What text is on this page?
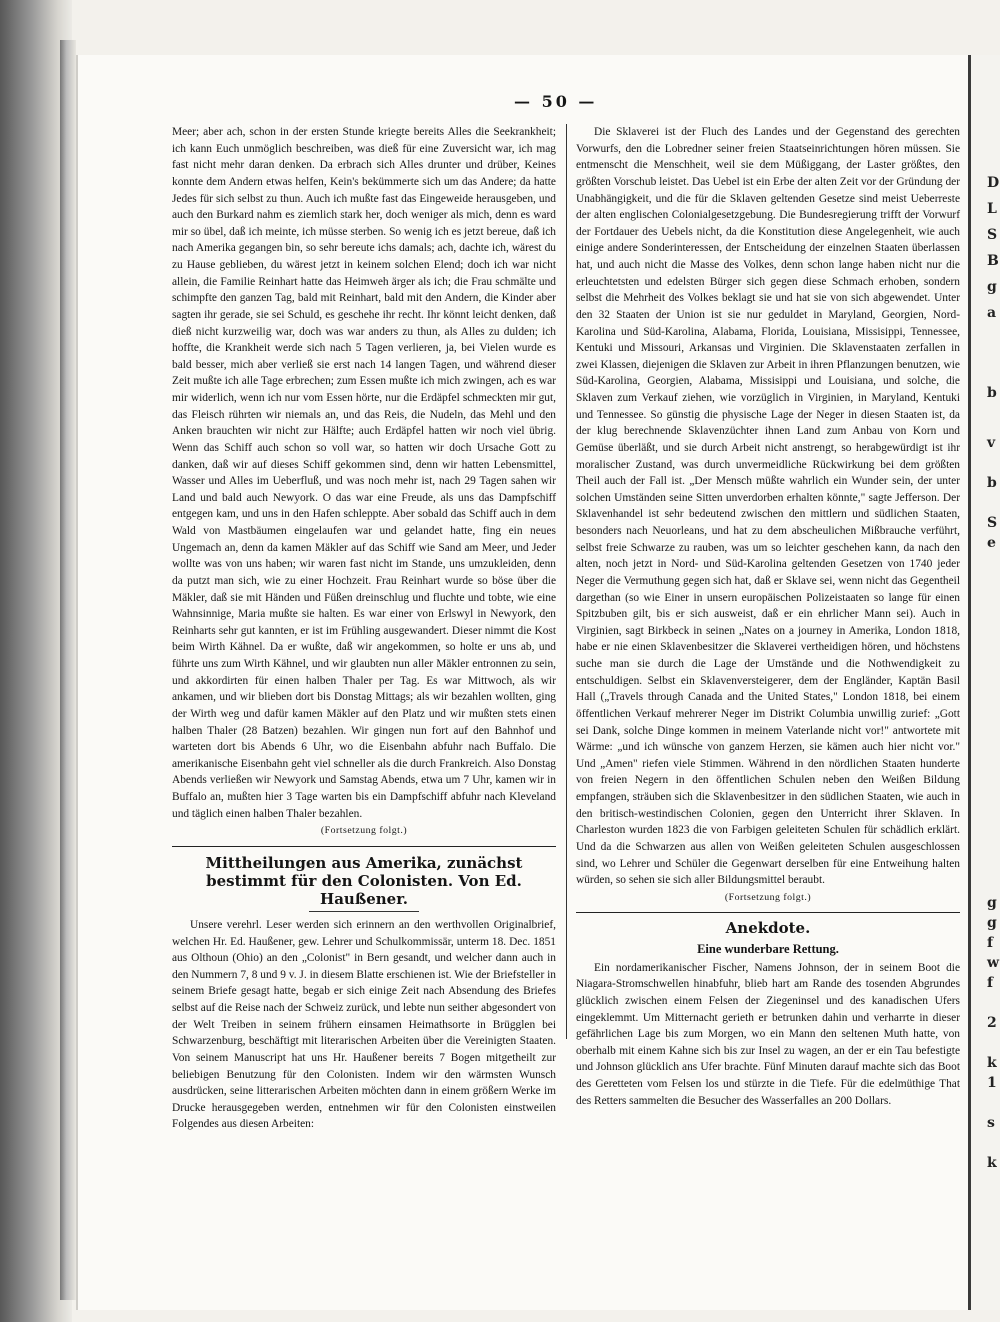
D
L
S
B
g
a
b
v
b
S
e
g
g
f
w
f
2
k
1
s
k
— 50 —

Meer; aber ach, schon in der ersten Stunde kriegte bereits Alles die Seekrankheit; ich kann Euch unmöglich beschreiben, was dieß für eine Zuversicht war, ich mag fast nicht mehr daran denken. Da erbrach sich Alles drunter und drüber, Keines konnte dem Andern etwas helfen, Kein's bekümmerte sich um das Andere; da hatte Jedes für sich selbst zu thun. Auch ich mußte fast das Eingeweide herausgeben, und auch den Burkard nahm es ziemlich stark her, doch weniger als mich, denn es ward mir so übel, daß ich meinte, ich müsse sterben. So wenig ich es jetzt bereue, daß ich nach Amerika gegangen bin, so sehr bereute ichs damals; ach, dachte ich, wärest du zu Hause geblieben, du wärest jetzt in keinem solchen Elend; doch ich war nicht allein, die Familie Reinhart hatte das Heimweh ärger als ich; die Frau schmälte und schimpfte den ganzen Tag, bald mit Reinhart, bald mit den Andern, die Kinder aber sagten ihr gerade, sie sei Schuld, es geschehe ihr recht. Ihr könnt leicht denken, daß dieß nicht kurzweilig war, doch was war anders zu thun, als Alles zu dulden; ich hoffte, die Krankheit werde sich nach 5 Tagen verlieren, ja, bei Vielen wurde es bald besser, mich aber verließ sie erst nach 14 langen Tagen, und während dieser Zeit mußte ich alle Tage erbrechen; zum Essen mußte ich mich zwingen, ach es war mir widerlich, wenn ich nur vom Essen hörte, nur die Erdäpfel schmeckten mir gut, das Fleisch rührten wir niemals an, und das Reis, die Nudeln, das Mehl und den Anken brauchten wir nicht zur Hälfte; auch Erdäpfel hatten wir noch viel übrig. Wenn das Schiff auch schon so voll war, so hatten wir doch Ursache Gott zu danken, daß wir auf dieses Schiff gekommen sind, denn wir hatten Lebensmittel, Wasser und Alles im Ueberfluß, und was noch mehr ist, nach 29 Tagen sahen wir Land und bald auch Newyork. O das war eine Freude, als uns das Dampfschiff entgegen kam, und uns in den Hafen schleppte. Aber sobald das Schiff auch in dem Wald von Mastbäumen eingelaufen war und gelandet hatte, fing ein neues Ungemach an, denn da kamen Mäkler auf das Schiff wie Sand am Meer, und Jeder wollte was von uns haben; wir waren fast nicht im Stande, uns umzukleiden, denn da putzt man sich, wie zu einer Hochzeit. Frau Reinhart wurde so böse über die Mäkler, daß sie mit Händen und Füßen dreinschlug und fluchte und tobte, wie eine Wahnsinnige, Maria mußte sie halten. Es war einer von Erlswyl in Newyork, den Reinharts sehr gut kannten, er ist im Frühling ausgewandert. Dieser nimmt die Kost beim Wirth Kähnel. Da er wußte, daß wir angekommen, so holte er uns ab, und führte uns zum Wirth Kähnel, und wir glaubten nun aller Mäkler entronnen zu sein, und akkordirten für einen halben Thaler per Tag. Es war Mittwoch, als wir ankamen, und wir blieben dort bis Donstag Mittags; als wir bezahlen wollten, ging der Wirth weg und dafür kamen Mäkler auf den Platz und wir mußten stets einen halben Thaler (28 Batzen) bezahlen. Wir gingen nun fort auf den Bahnhof und warteten dort bis Abends 6 Uhr, wo die Eisenbahn abfuhr nach Buffalo. Die amerikanische Eisenbahn geht viel schneller als die durch Frankreich. Also Donstag Abends verließen wir Newyork und Samstag Abends, etwa um 7 Uhr, kamen wir in Buffalo an, mußten hier 3 Tage warten bis ein Dampfschiff abfuhr nach Kleveland und täglich einen halben Thaler bezahlen.

(Fortsetzung folgt.)
Mittheilungen aus Amerika, zunächst bestimmt für den Colonisten. Von Ed. Haußener.

Unsere verehrl. Leser werden sich erinnern an den werthvollen Originalbrief, welchen Hr. Ed. Haußener, gew. Lehrer und Schulkommissär, unterm 18. Dec. 1851 aus Olthoun (Ohio) an den „Colonist" in Bern gesandt, und welcher dann auch in den Nummern 7, 8 und 9 v. J. in diesem Blatte erschienen ist. Wie der Briefsteller in seinem Briefe gesagt hatte, begab er sich einige Zeit nach Absendung des Briefes selbst auf die Reise nach der Schweiz zurück, und lebte nun seither abgesondert von der Welt Treiben in seinem frühern einsamen Heimathsorte in Brügglen bei Schwarzenburg, beschäftigt mit literarischen Arbeiten über die Vereinigten Staaten. Von seinem Manuscript hat uns Hr. Haußener bereits 7 Bogen mitgetheilt zur beliebigen Benutzung für den Colonisten. Indem wir den wärmsten Wunsch ausdrücken, seine litterarischen Arbeiten möchten dann in einem größern Werke im Drucke herausgegeben werden, entnehmen wir für den Colonisten einstweilen Folgendes aus diesen Arbeiten:

Die Sklaverei ist der Fluch des Landes und der Gegenstand des gerechten Vorwurfs, den die Lobredner seiner freien Staatseinrichtungen hören müssen. Sie entmenscht die Menschheit, weil sie dem Müßiggang, der Laster größtes, den größten Vorschub leistet. Das Uebel ist ein Erbe der alten Zeit vor der Gründung der Unabhängigkeit, und die für die Sklaven geltenden Gesetze sind meist Ueberreste der alten englischen Colonialgesetzgebung. Die Bundesregierung trifft der Vorwurf der Fortdauer des Uebels nicht, da die Konstitution diese Angelegenheit, wie auch einige andere Sonderinteressen, der Entscheidung der einzelnen Staaten überlassen hat, und auch nicht die Masse des Volkes, denn schon lange haben nicht nur die erleuchtetsten und edelsten Bürger sich gegen diese Schmach erhoben, sondern selbst die Mehrheit des Volkes beklagt sie und hat sie von sich abgewendet. Unter den 32 Staaten der Union ist sie nur geduldet in Maryland, Georgien, Nord-Karolina und Süd-Karolina, Alabama, Florida, Louisiana, Missisippi, Tennessee, Kentuki und Missouri, Arkansas und Virginien. Die Sklavenstaaten zerfallen in zwei Klassen, diejenigen die Sklaven zur Arbeit in ihren Pflanzungen benutzen, wie Süd-Karolina, Georgien, Alabama, Missisippi und Louisiana, und solche, die Sklaven zum Verkauf ziehen, wie vorzüglich in Virginien, in Maryland, Kentuki und Tennessee. So günstig die physische Lage der Neger in diesen Staaten ist, da der klug berechnende Sklavenzüchter ihnen Land zum Anbau von Korn und Gemüse überläßt, und sie durch Arbeit nicht anstrengt, so herabgewürdigt ist ihr moralischer Zustand, was durch unvermeidliche Rückwirkung bei dem größten Theil auch der Fall ist. „Der Mensch müßte wahrlich ein Wunder sein, der unter solchen Umständen seine Sitten unverdorben erhalten könnte," sagte Jefferson. Der Sklavenhandel ist sehr bedeutend zwischen den mittlern und südlichen Staaten, besonders nach Neuorleans, und hat zu dem abscheulichen Mißbrauche verführt, selbst freie Schwarze zu rauben, was um so leichter geschehen kann, da nach den alten, noch jetzt in Nord- und Süd-Karolina geltenden Gesetzen von 1740 jeder Neger die Vermuthung gegen sich hat, daß er Sklave sei, wenn nicht das Gegentheil dargethan (so wie Einer in unsern europäischen Polizeistaaten so lange für einen Spitzbuben gilt, bis er sich ausweist, daß er ein ehrlicher Mann sei). Auch in Virginien, sagt Birkbeck in seinen „Nates on a journey in Amerika, London 1818, habe er nie einen Sklavenbesitzer die Sklaverei vertheidigen hören, und höchstens suche man sie durch die Lage der Umstände und die Nothwendigkeit zu entschuldigen. Selbst ein Sklavenversteigerer, dem der Engländer, Kaptän Basil Hall („Travels through Canada and the United States," London 1818, bei einem öffentlichen Verkauf mehrerer Neger im Distrikt Columbia unwillig zurief: „Gott sei Dank, solche Dinge kommen in meinem Vaterlande nicht vor!" antwortete mit Wärme: „und ich wünsche von ganzem Herzen, sie kämen auch hier nicht vor." Und „Amen" riefen viele Stimmen. Während in den nördlichen Staaten hunderte von freien Negern in den öffentlichen Schulen neben den Weißen Bildung empfangen, sträuben sich die Sklavenbesitzer in den südlichen Staaten, wie auch in den britisch-westindischen Colonien, gegen den Unterricht ihrer Sklaven. In Charleston wurden 1823 die von Farbigen geleiteten Schulen für schädlich erklärt. Und da die Schwarzen aus allen von Weißen geleiteten Schulen ausgeschlossen sind, wo Lehrer und Schüler die Gegenwart derselben für eine Entweihung halten würden, so sehen sie sich aller Bildungsmittel beraubt.

(Fortsetzung folgt.)
Anekdote.
Eine wunderbare Rettung.

Ein nordamerikanischer Fischer, Namens Johnson, der in seinem Boot die Niagara-Stromschwellen hinabfuhr, blieb hart am Rande des tosenden Abgrundes glücklich zwischen einem Felsen der Ziegeninsel und des kanadischen Ufers eingeklemmt. Um Mitternacht gerieth er betrunken dahin und verharrte in dieser gefährlichen Lage bis zum Morgen, wo ein Mann den seltenen Muth hatte, von oberhalb mit einem Kahne sich bis zur Insel zu wagen, an der er ein Tau befestigte und Johnson glücklich ans Ufer brachte. Fünf Minuten darauf machte sich das Boot des Geretteten vom Felsen los und stürzte in die Tiefe. Für die edelmüthige That des Retters sammelten die Besucher des Wasserfalles an 200 Dollars.
